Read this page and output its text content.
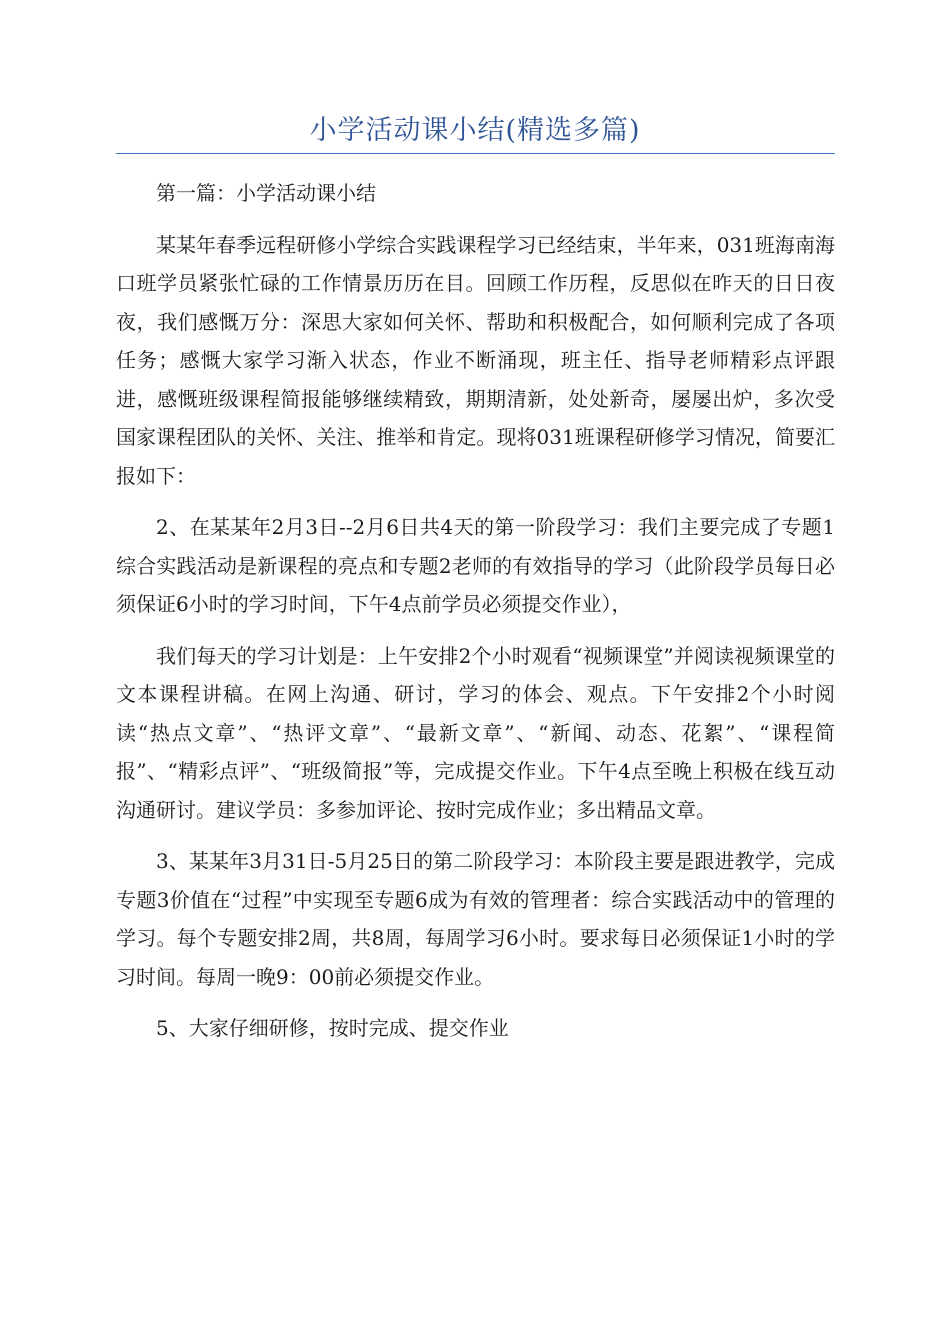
小学活动课小结(精选多篇)

第一篇：小学活动课小结

某某年春季远程研修小学综合实践课程学习已经结束，半年来，031班海南海口班学员紧张忙碌的工作情景历历在目。回顾工作历程，反思似在昨天的日日夜夜，我们感慨万分：深思大家如何关怀、帮助和积极配合，如何顺利完成了各项任务；感慨大家学习渐入状态，作业不断涌现，班主任、指导老师精彩点评跟进，感慨班级课程简报能够继续精致，期期清新，处处新奇，屡屡出炉，多次受国家课程团队的关怀、关注、推举和肯定。现将031班课程研修学习情况，简要汇报如下：

2、在某某年2月3日--2月6日共4天的第一阶段学习：我们主要完成了专题1综合实践活动是新课程的亮点和专题2老师的有效指导的学习（此阶段学员每日必须保证6小时的学习时间，下午4点前学员必须提交作业），

我们每天的学习计划是：上午安排2个小时观看“视频课堂”并阅读视频课堂的文本课程讲稿。在网上沟通、研讨，学习的体会、观点。下午安排2个小时阅读“热点文章”、“热评文章”、“最新文章”、“新闻、动态、花絮”、“课程简报”、“精彩点评”、“班级简报”等，完成提交作业。下午4点至晚上积极在线互动沟通研讨。建议学员：多参加评论、按时完成作业；多出精品文章。

3、某某年3月31日-5月25日的第二阶段学习：本阶段主要是跟进教学，完成专题3价值在“过程”中实现至专题6成为有效的管理者：综合实践活动中的管理的学习。每个专题安排2周，共8周，每周学习6小时。要求每日必须保证1小时的学习时间。每周一晚9：00前必须提交作业。

5、大家仔细研修，按时完成、提交作业
